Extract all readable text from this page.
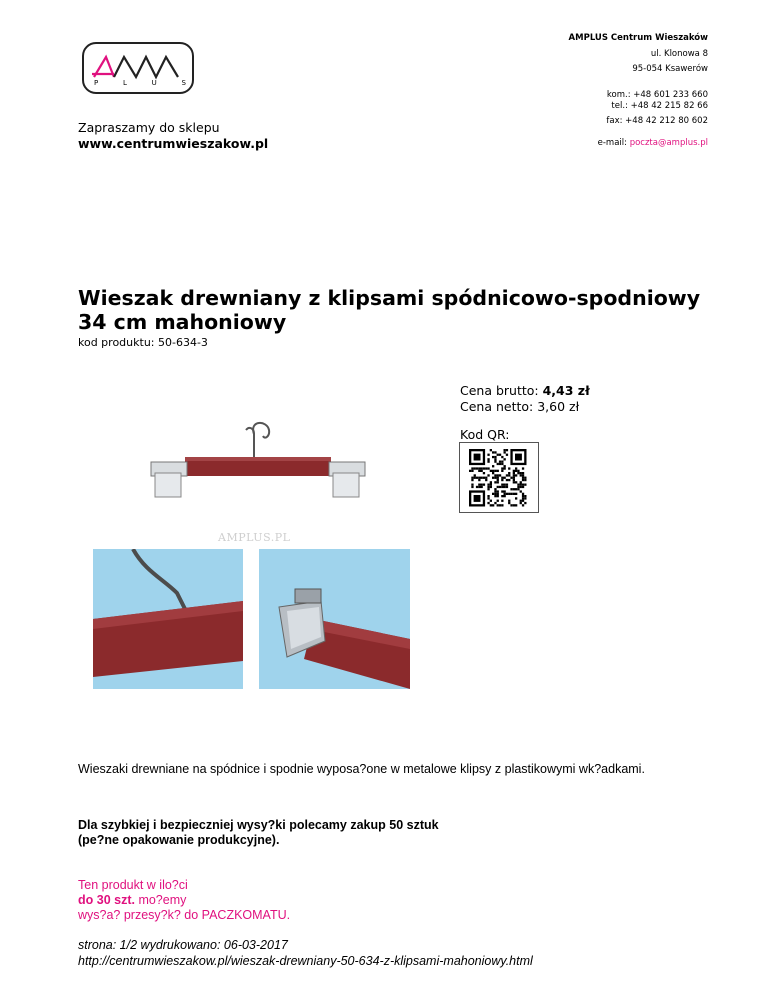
P	L	U	S
AMPLUS Centrum Wieszaków
ul. Klonowa 8
95-054 Ksawerów
kom.: +48 601 233 660
tel.: +48 42 215 82 66
fax: +48 42 212 80 602
e-mail: poczta@amplus.pl
Zapraszamy do sklepu
www.centrumwieszakow.pl
Wieszak drewniany z klipsami spódnicowo-spodniowy 34 cm mahoniowy
kod produktu: 50-634-3
AMPLUS.PL
Cena brutto: 4,43 zł
Cena netto: 3,60 zł
Kod QR:
Wieszaki drewniane na spódnice i spodnie wyposa?one w metalowe klipsy z plastikowymi wk?adkami.
Dla szybkiej i bezpieczniej wysy?ki polecamy zakup 50 sztuk
(pe?ne opakowanie produkcyjne).
Ten produkt w ilo?ci
do 30 szt. mo?emy
wys?a? przesy?k? do PACZKOMATU.
strona: 1/2 wydrukowano: 06-03-2017
http://centrumwieszakow.pl/wieszak-drewniany-50-634-z-klipsami-mahoniowy.html
